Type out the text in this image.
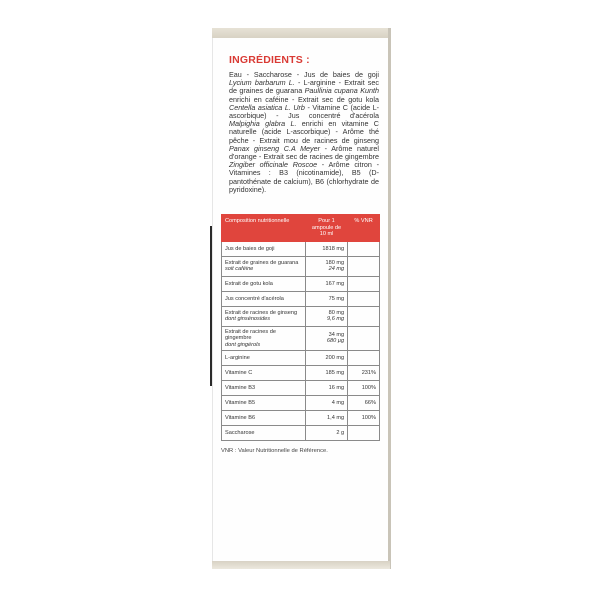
INGRÉDIENTS :
Eau - Saccharose - Jus de baies de goji Lycium barbarum L. - L-arginine - Extrait sec de graines de guarana Paullinia cupana Kunth enrichi en caféine - Extrait sec de gotu kola Centella asiatica L. Urb - Vitamine C (acide L-ascorbique) - Jus concentré d'acérola Malpighia glabra L. enrichi en vitamine C naturelle (acide L-ascorbique) - Arôme thé pêche - Extrait mou de racines de ginseng Panax ginseng C.A Meyer - Arôme naturel d'orange - Extrait sec de racines de gingembre Zingiber officinale Roscoe - Arôme citron - Vitamines : B3 (nicotinamide), B5 (D-pantothénate de calcium), B6 (chlorhydrate de pyridoxine).
Composition nutritionnelle	Pour 1 ampoule de 10 ml	% VNR
Jus de baies de goji	1818 mg	

Extrait de graines de guarana
soit caféine	180 mg
24 mg	

Extrait de gotu kola	167 mg	

Jus concentré d'acérola	75 mg	

Extrait de racines de ginseng
dont ginsénosides	80 mg
9,6 mg	

Extrait de racines de gingembre
dont gingérols	34 mg
680 µg	

L-arginine	200 mg	

Vitamine C	185 mg	231%
Vitamine B3	16 mg	100%
Vitamine B5	4 mg	66%
Vitamine B6	1,4 mg	100%
Saccharose	2 g	

VNR : Valeur Nutritionnelle de Référence.
